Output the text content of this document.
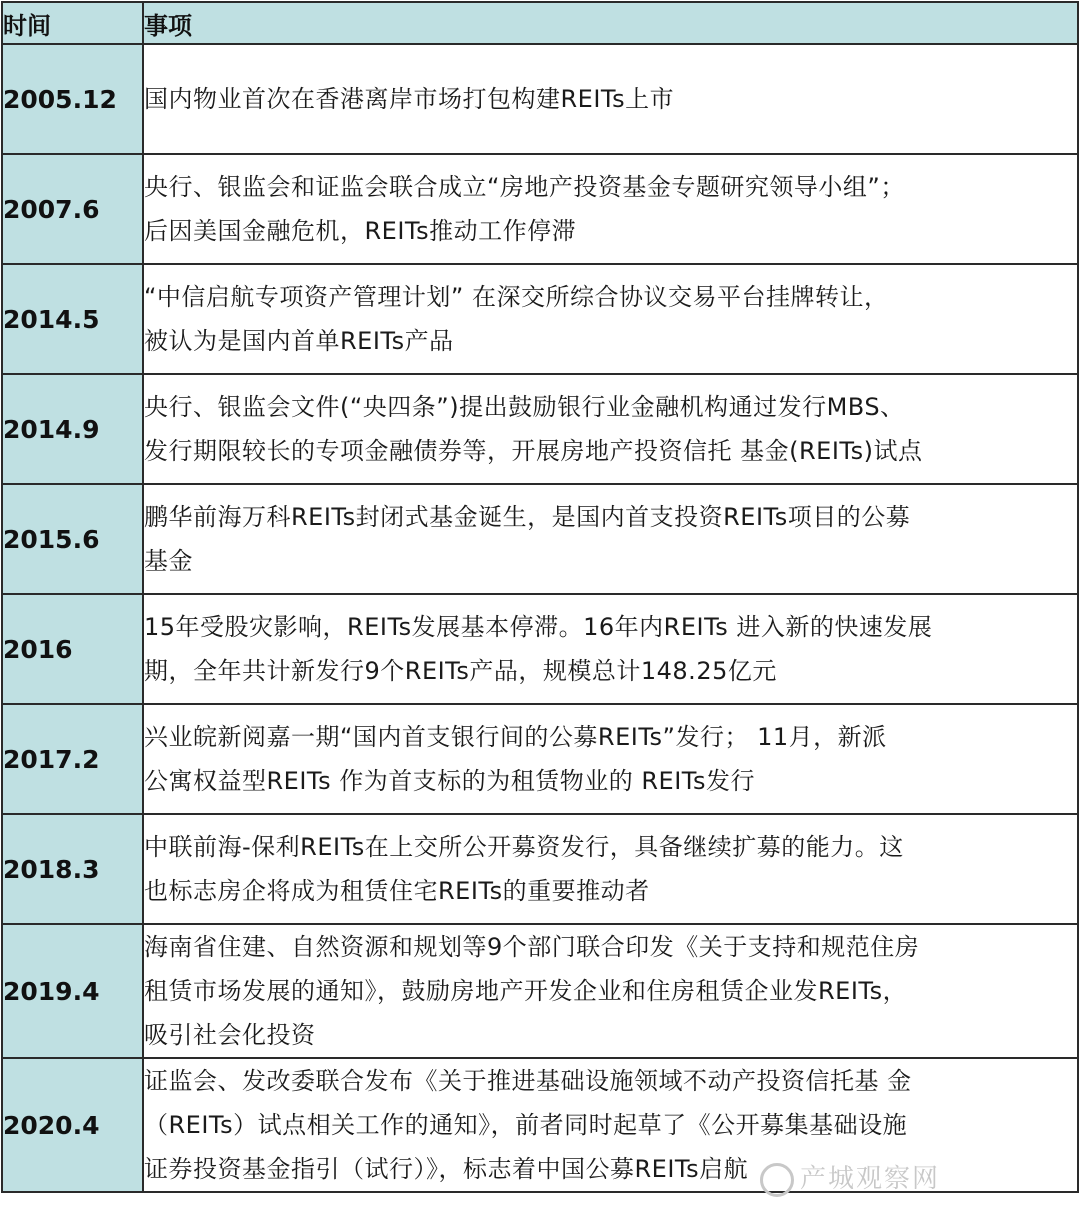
时间	事项
2005.12	国内物业首次在香港离岸市场打包构建REITs上市

2007.6	央行、银监会和证监会联合成立“房地产投资基金专题研究领导小组”；
后因美国金融危机，REITs推动工作停滞

2014.5	“中信启航专项资产管理计划” 在深交所综合协议交易平台挂牌转让，
被认为是国内首单REITs产品

2014.9	央行、银监会文件(“央四条”)提出鼓励银行业金融机构通过发行MBS、
发行期限较长的专项金融债券等，开展房地产投资信托 基金(REITs)试点

2015.6	鹏华前海万科REITs封闭式基金诞生，是国内首支投资REITs项目的公募
基金

2016	15年受股灾影响，REITs发展基本停滞。16年内REITs 进入新的快速发展
期，全年共计新发行9个REITs产品，规模总计148.25亿元

2017.2	兴业皖新阅嘉一期“国内首支银行间的公募REITs”发行； 11月，新派
公寓权益型REITs 作为首支标的为租赁物业的 REITs发行

2018.3	中联前海-保利REITs在上交所公开募资发行，具备继续扩募的能力。这
也标志房企将成为租赁住宅REITs的重要推动者

2019.4	海南省住建、自然资源和规划等9个部门联合印发《关于支持和规范住房
租赁市场发展的通知》，鼓励房地产开发企业和住房租赁企业发REITs，
吸引社会化投资

2020.4	证监会、发改委联合发布《关于推进基础设施领域不动产投资信托基 金
（REITs）试点相关工作的通知》，前者同时起草了《公开募集基础设施
证券投资基金指引（试行）》，标志着中国公募REITs启航	产城观察网
